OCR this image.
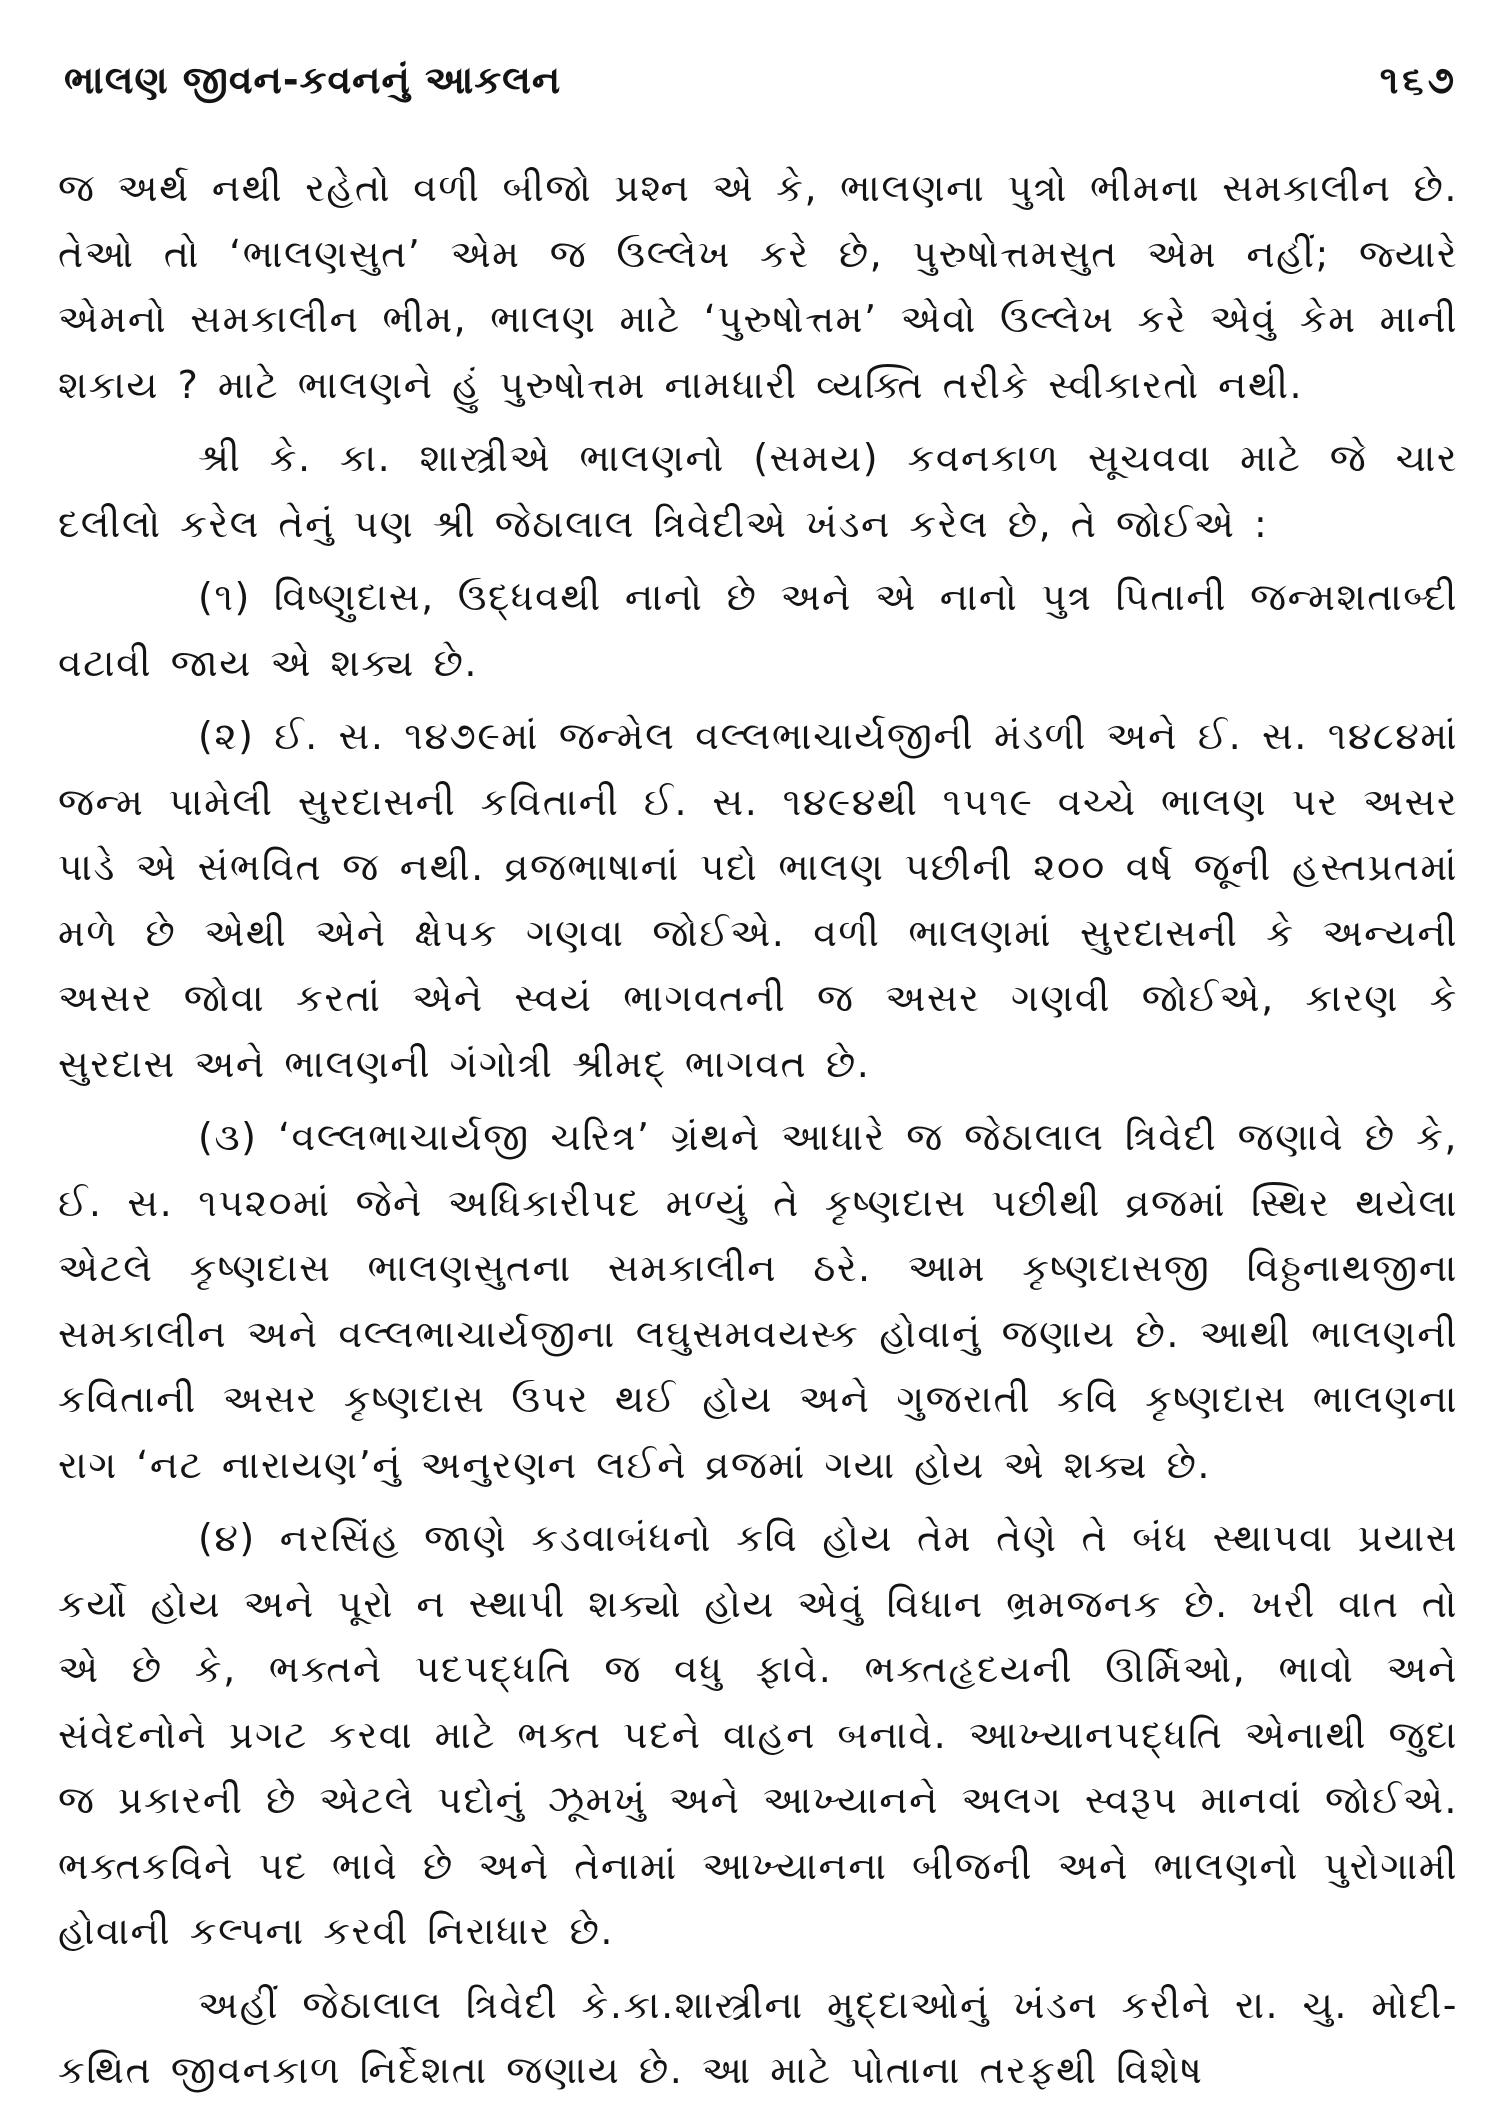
ભાલણ જીવન-કવનનું આકલન	૧૬૭

જ અર્થ નથી રહેતો વળી બીજો પ્રશ્ન એ કે, ભાલણના પુત્રો ભીમના સમકાલીન છે. તેઓ તો ‘ભાલણસુત’ એમ જ ઉલ્લેખ કરે છે, પુરુષોત્તમસુત એમ નહીં; જ્યારે એમનો સમકાલીન ભીમ, ભાલણ માટે ‘પુરુષોત્તમ’ એવો ઉલ્લેખ કરે એવું કેમ માની શકાય ? માટે ભાલણને હું પુરુષોત્તમ નામધારી વ્યક્તિ તરીકે સ્વીકારતો નથી.

શ્રી કે. કા. શાસ્ત્રીએ ભાલણનો (સમય) કવનકાળ સૂચવવા માટે જે ચાર દલીલો કરેલ તેનું પણ શ્રી જેઠાલાલ ત્રિવેદીએ ખંડન કરેલ છે, તે જોઈએ :

(૧) વિષ્ણુદાસ, ઉદ્ધવથી નાનો છે અને એ નાનો પુત્ર પિતાની જન્મશતાબ્દી વટાવી જાય એ શક્ય છે.

(૨) ઈ. સ. ૧૪૭૯માં જન્મેલ વલ્લભાચાર્યજીની મંડળી અને ઈ. સ. ૧૪૮૪માં જન્મ પામેલી સુરદાસની કવિતાની ઈ. સ. ૧૪૯૪થી ૧૫૧૯ વચ્ચે ભાલણ પર અસર પાડે એ સંભવિત જ નથી. વ્રજભાષાનાં પદો ભાલણ પછીની ૨૦૦ વર્ષ જૂની હસ્તપ્રતમાં મળે છે એથી એને ક્ષેપક ગણવા જોઈએ. વળી ભાલણમાં સુરદાસની કે અન્યની અસર જોવા કરતાં એને સ્વયં ભાગવતની જ અસર ગણવી જોઈએ, કારણ કે સુરદાસ અને ભાલણની ગંગોત્રી શ્રીમદ્ ભાગવત છે.

(૩) ‘વલ્લભાચાર્યજી ચરિત્ર’ ગ્રંથને આધારે જ જેઠાલાલ ત્રિવેદી જણાવે છે કે, ઈ. સ. ૧૫૨૦માં જેને અધિકારીપદ મળ્યું તે કૃષ્ણદાસ પછીથી વ્રજમાં સ્થિર થયેલા એટલે કૃષ્ણદાસ ભાલણસુતના સમકાલીન ઠરે. આમ કૃષ્ણદાસજી વિઠ્ઠનાથજીના સમકાલીન અને વલ્લભાચાર્યજીના લઘુસમવયસ્ક હોવાનું જણાય છે. આથી ભાલણની કવિતાની અસર કૃષ્ણદાસ ઉપર થઈ હોય અને ગુજરાતી કવિ કૃષ્ણદાસ ભાલણના રાગ ‘નટ નારાયણ’નું અનુરણન લઈને વ્રજમાં ગયા હોય એ શક્ય છે.

(૪) નરસિંહ જાણે કડવાબંધનો કવિ હોય તેમ તેણે તે બંધ સ્થાપવા પ્રયાસ કર્યો હોય અને પૂરો ન સ્થાપી શક્યો હોય એવું વિધાન ભ્રમજનક છે. ખરી વાત તો એ છે કે, ભક્તને પદપદ્ધતિ જ વધુ ફાવે. ભક્તહૃદયની ઊર્મિઓ, ભાવો અને સંવેદનોને પ્રગટ કરવા માટે ભક્ત પદને વાહન બનાવે. આખ્યાનપદ્ધતિ એનાથી જુદા જ પ્રકારની છે એટલે પદોનું ઝૂમખું અને આખ્યાનને અલગ સ્વરૂપ માનવાં જોઈએ. ભક્તકવિને પદ ભાવે છે અને તેનામાં આખ્યાનના બીજની અને ભાલણનો પુરોગામી હોવાની કલ્પના કરવી નિરાધાર છે.

અહીં જેઠાલાલ ત્રિવેદી કે.કા.શાસ્ત્રીના મુદ્દાઓનું ખંડન કરીને રા. ચુ. મોદી-કથિત જીવનકાળ નિર્દેશતા જણાય છે. આ માટે પોતાના તરફથી વિશેષ
